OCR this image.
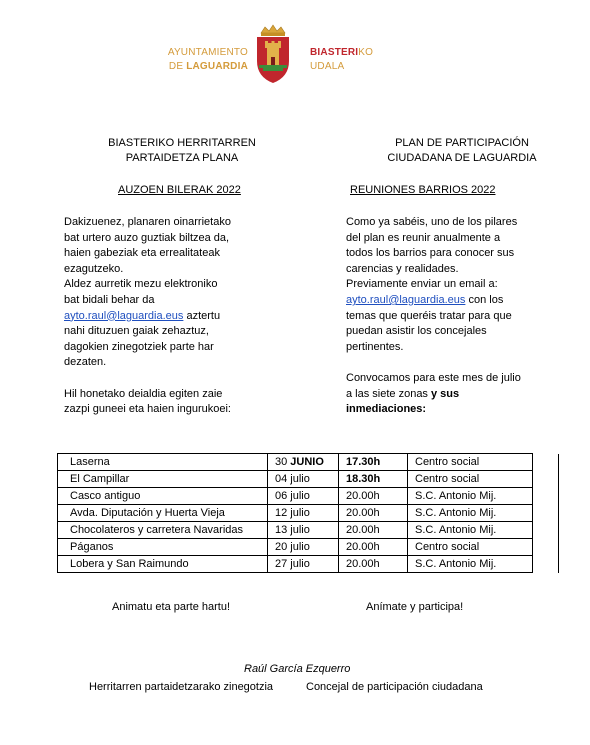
AYUNTAMIENTO
DE LAGUARDIA
BIASTERIKO
UDALA
BIASTERIKO HERRITARREN
PARTAIDETZA PLANA
PLAN DE PARTICIPACIÓN
CIUDADANA DE LAGUARDIA
AUZOEN BILERAK 2022	REUNIONES BARRIOS 2022

Dakizuenez, planaren oinarrietako

bat urtero auzo guztiak biltzea da,

haien gabeziak eta errealitateak

ezagutzeko.

Aldez aurretik mezu elektroniko

bat bidali behar da

ayto.raul@laguardia.eus aztertu

nahi dituzuen gaiak zehaztuz,

dagokien zinegotziek parte har

dezaten.

Hil honetako deialdia egiten zaie

zazpi guneei eta haien ingurukoei:

Como ya sabéis, uno de los pilares

del plan es reunir anualmente a

todos los barrios para conocer sus

carencias y realidades.

Previamente enviar un email a:

ayto.raul@laguardia.eus con los

temas que queréis tratar para que

puedan asistir los concejales

pertinentes.

Convocamos para este mes de julio

a las siete zonas y sus

inmediaciones:

Laserna	30 JUNIO	17.30h	Centro social	
El Campillar	04 julio	18.30h	Centro social	
Casco antiguo	06 julio	20.00h	S.C. Antonio Mij.	
Avda. Diputación y Huerta Vieja	12 julio	20.00h	S.C. Antonio Mij.	
Chocolateros y carretera Navaridas	13 julio	20.00h	S.C. Antonio Mij.	
Páganos	20 julio	20.00h	Centro social	
Lobera y San Raimundo	27 julio	20.00h	S.C. Antonio Mij.	
Animatu eta parte hartu!	Anímate y participa!
Raúl García Ezquerro
Herritarren partaidetzarako zinegotzia	Concejal de participación ciudadana
